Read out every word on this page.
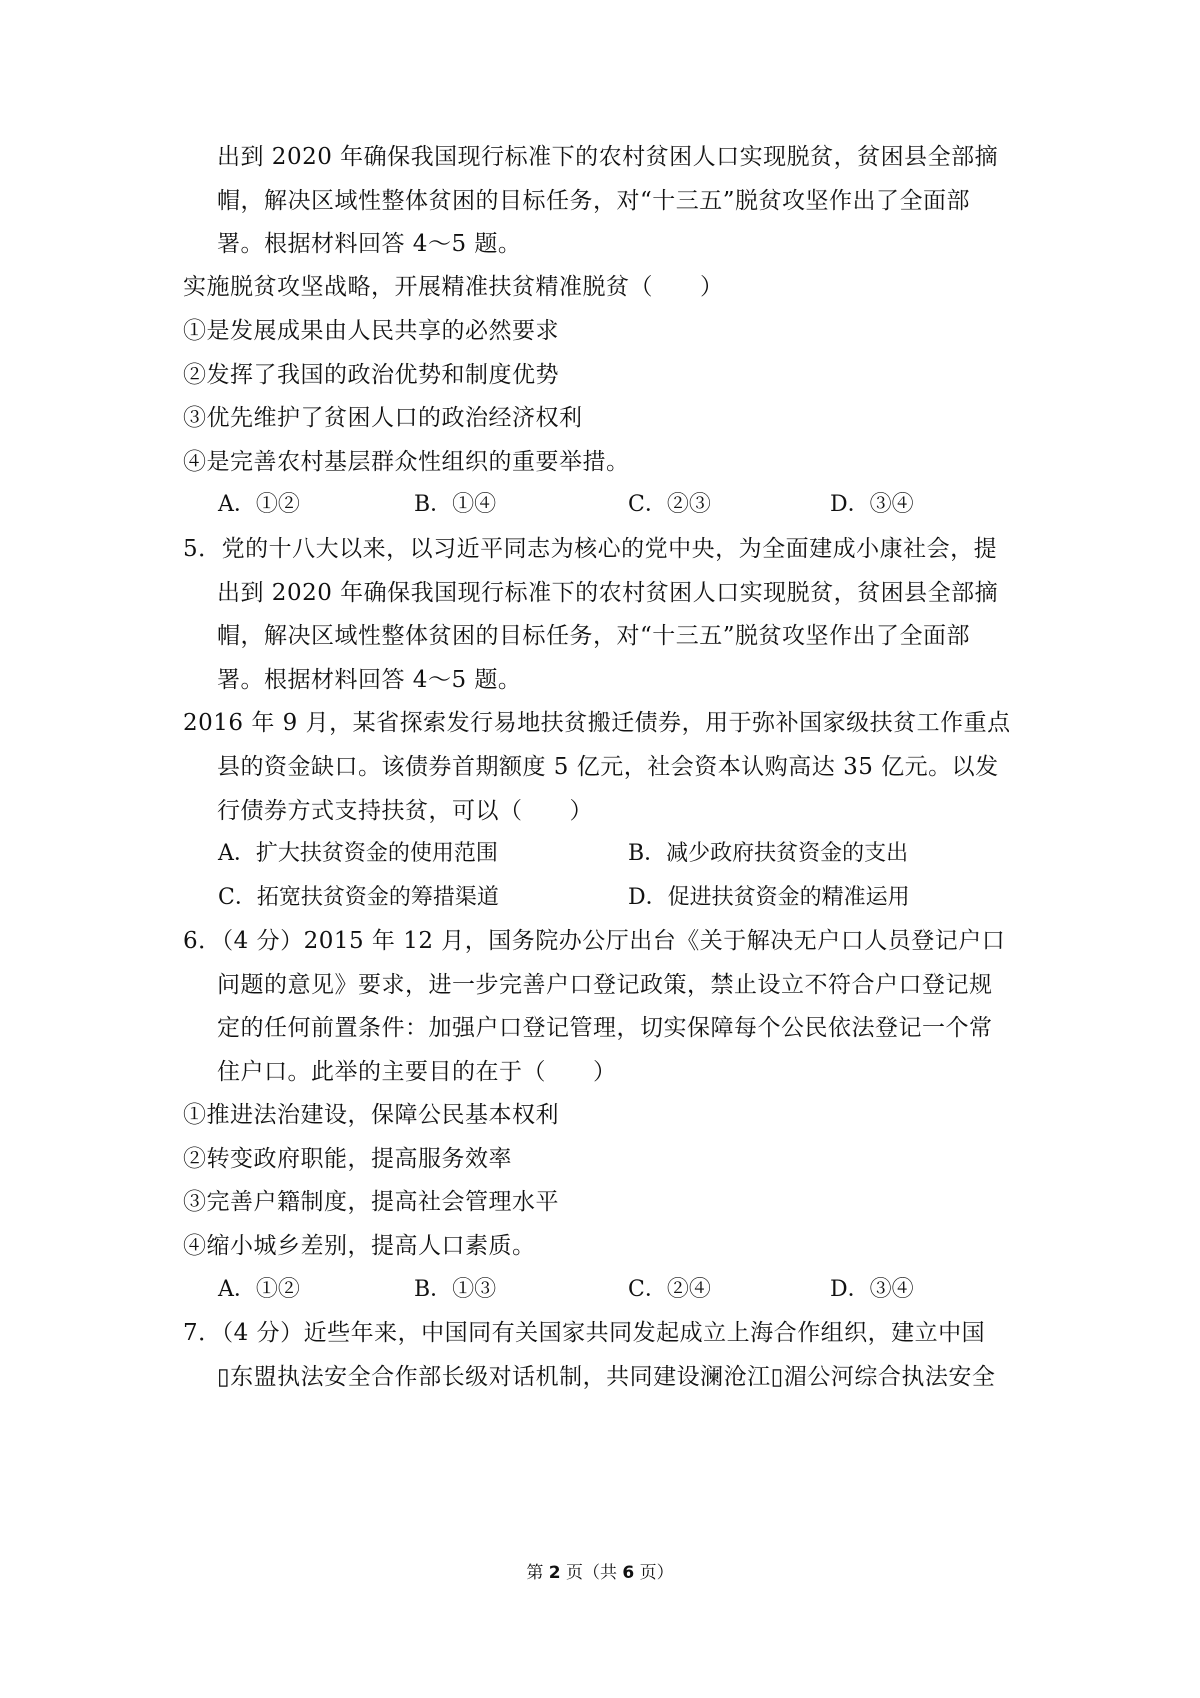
出到 2020 年确保我国现行标准下的农村贫困人口实现脱贫，贫困县全部摘
帽，解决区域性整体贫困的目标任务，对“十三五”脱贫攻坚作出了全面部
署。根据材料回答 4～5 题。
实施脱贫攻坚战略，开展精准扶贫精准脱贫（　　）
①是发展成果由人民共享的必然要求
②发挥了我国的政治优势和制度优势
③优先维护了贫困人口的政治经济权利
④是完善农村基层群众性组织的重要举措。
A．①②	B．①④	C．②③	D．③④
5．党的十八大以来，以习近平同志为核心的党中央，为全面建成小康社会，提
出到 2020 年确保我国现行标准下的农村贫困人口实现脱贫，贫困县全部摘
帽，解决区域性整体贫困的目标任务，对“十三五”脱贫攻坚作出了全面部
署。根据材料回答 4～5 题。
2016 年 9 月，某省探索发行易地扶贫搬迁债券，用于弥补国家级扶贫工作重点
县的资金缺口。该债券首期额度 5 亿元，社会资本认购高达 35 亿元。以发
行债券方式支持扶贫，可以（　　）
A．扩大扶贫资金的使用范围	B．减少政府扶贫资金的支出
C．拓宽扶贫资金的筹措渠道	D．促进扶贫资金的精准运用
6．（4 分）2015 年 12 月，国务院办公厅出台《关于解决无户口人员登记户口
问题的意见》要求，进一步完善户口登记政策，禁止设立不符合户口登记规
定的任何前置条件：加强户口登记管理，切实保障每个公民依法登记一个常
住户口。此举的主要目的在于（　　）
①推进法治建设，保障公民基本权利
②转变政府职能，提高服务效率
③完善户籍制度，提高社会管理水平
④缩小城乡差别，提高人口素质。
A．①②	B．①③	C．②④	D．③④
7．（4 分）近些年来，中国同有关国家共同发起成立上海合作组织，建立中国
▯东盟执法安全合作部长级对话机制，共同建设澜沧江▯湄公河综合执法安全
第 2 页（共 6 页）
